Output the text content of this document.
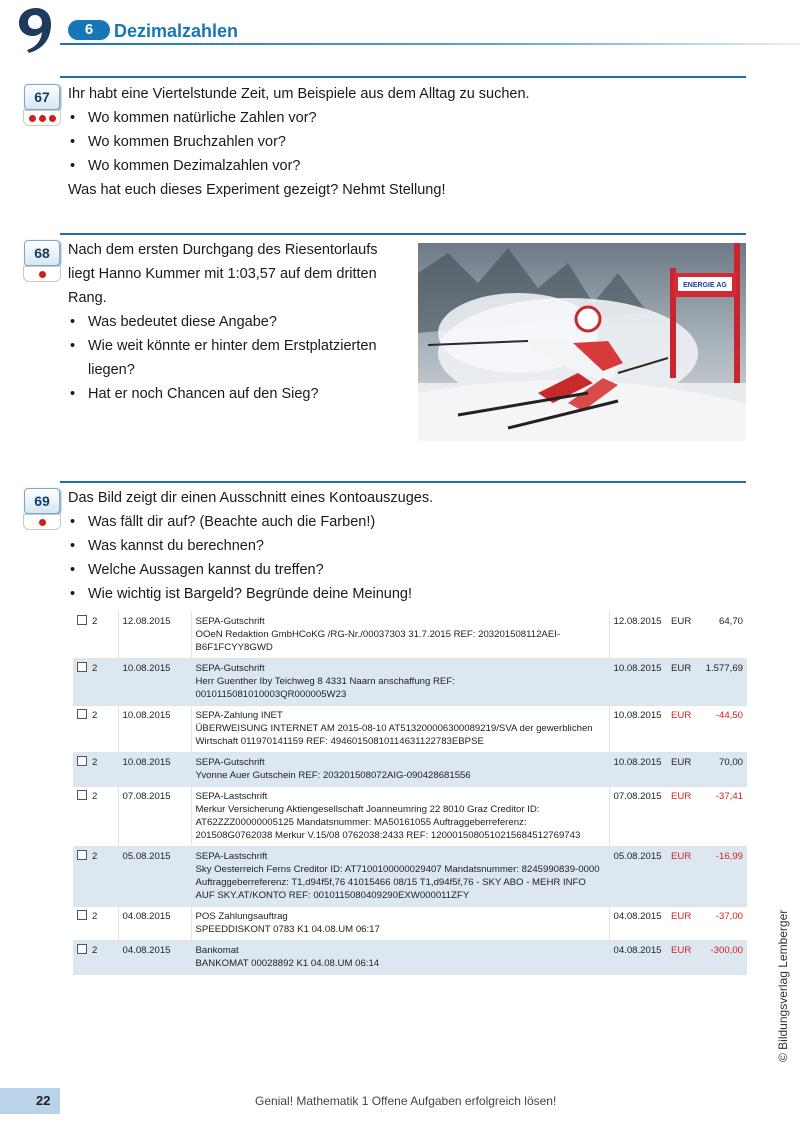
6	Dezimalzahlen
67	Ihr habt eine Viertelstunde Zeit, um Beispiele aus dem Alltag zu suchen.
• Wo kommen natürliche Zahlen vor?
• Wo kommen Bruchzahlen vor?
• Wo kommen Dezimalzahlen vor?
Was hat euch dieses Experiment gezeigt? Nehmt Stellung!
68	Nach dem ersten Durchgang des Riesentorlaufs liegt Hanno Kummer mit 1:03,57 auf dem dritten Rang.
• Was bedeutet diese Angabe?
• Wie weit könnte er hinter dem Erstplatzierten liegen?
• Hat er noch Chancen auf den Sieg?
ENERGIE AG
69	Das Bild zeigt dir einen Ausschnitt eines Kontoauszuges.
• Was fällt dir auf? (Beachte auch die Farben!)
• Was kannst du berechnen?
• Welche Aussagen kannst du treffen?
• Wie wichtig ist Bargeld? Begründe deine Meinung!
2	12.08.2015	SEPA-Gutschrift
OOeN Redaktion GmbHCoKG /RG-Nr./00037303 31.7.2015 REF: 203201508112AEI-B6F1FCYY8GWD	12.08.2015	EUR	64,70
2	10.08.2015	SEPA-Gutschrift
Herr Guenther Iby Teichweg 8 4331 Naarn anschaffung REF: 0010115081010003QR000005W23	10.08.2015	EUR	1.577,69
2	10.08.2015	SEPA-Zahlung INET
ÜBERWEISUNG INTERNET AM 2015-08-10 AT513200006300089219/SVA der gewerblichen Wirtschaft 011970141159 REF: 494601508101146311227​83EBPSE	10.08.2015	EUR	-44,50
2	10.08.2015	SEPA-Gutschrift
Yvonne Auer Gutschein REF: 203201508072AIG-090428681556	10.08.2015	EUR	70,00
2	07.08.2015	SEPA-Lastschrift
Merkur Versicherung Aktiengesellschaft Joanneumring 22 8010 Graz Creditor ID: AT62ZZZ00000005125 Mandatsnummer: MA50161055 Auftraggeberreferenz: 201508G0762038 Merkur V.15/08 0762038:2433 REF: 120001508051021568451​2769743	07.08.2015	EUR	-37,41
2	05.08.2015	SEPA-Lastschrift
Sky Oesterreich Ferns Creditor ID: AT7100100000029407 Mandatsnummer: 8245990839-0000 Auftraggeberreferenz: T1,d94f5f,76 41015466 08/15 T1,d94f5f,76 - SKY ABO - MEHR INFO AUF SKY.AT/KONTO REF: 0010115080409290EXW000011ZFY	05.08.2015	EUR	-16,99
2	04.08.2015	POS Zahlungsauftrag
SPEEDDISKONT 0783 K1 04.08.UM 06:17	04.08.2015	EUR	-37,00
2	04.08.2015	Bankomat
BANKOMAT 00028892 K1 04.08.UM 06:14	04.08.2015	EUR	-300,00	© Bildungsverlag Lemberger
22	Genial! Mathematik 1 Offene Aufgaben erfolgreich lösen!
